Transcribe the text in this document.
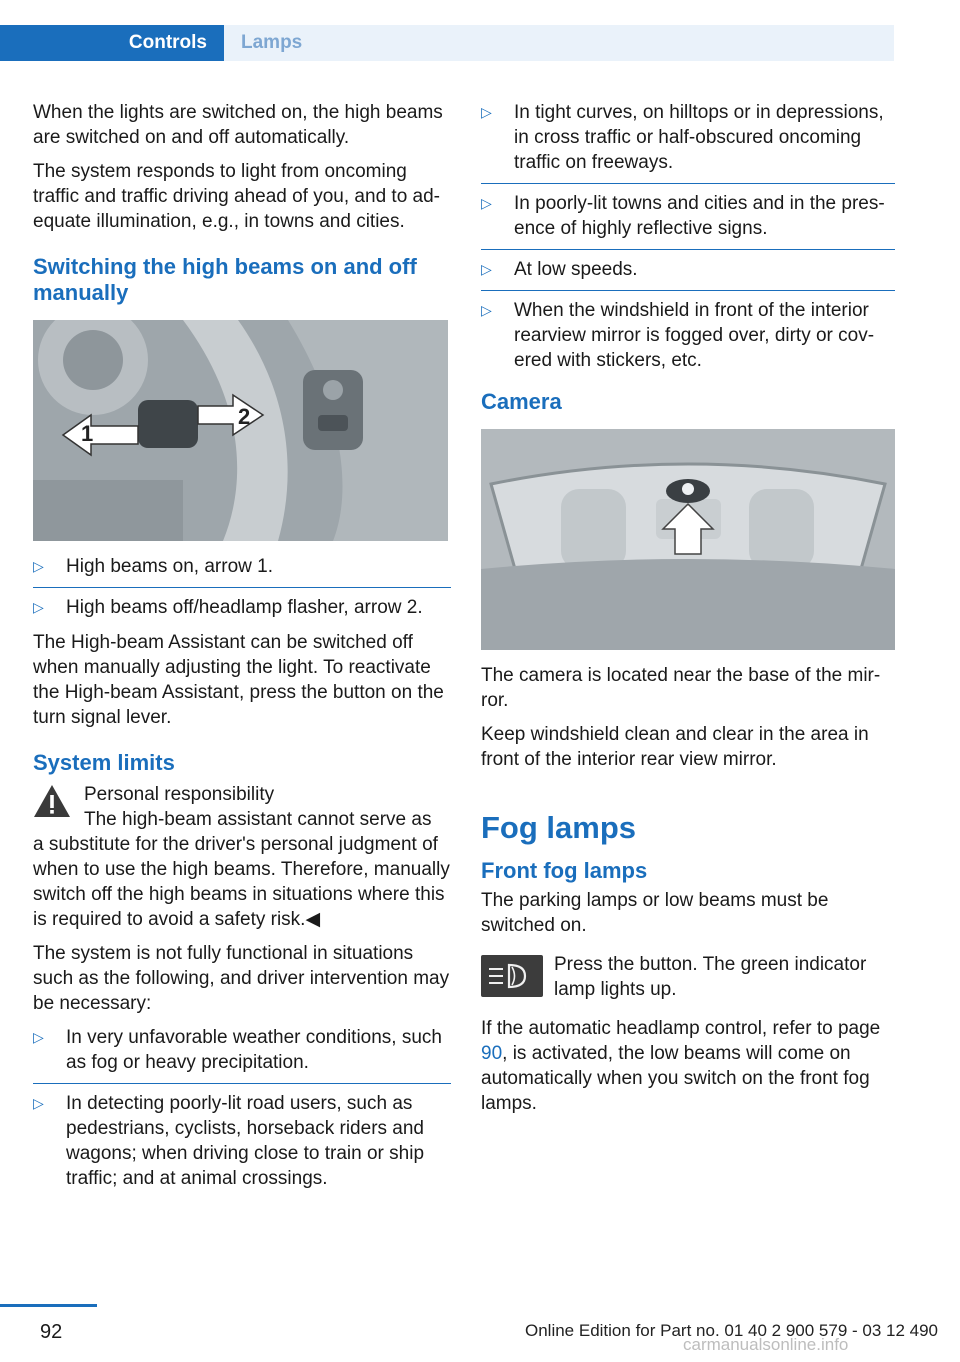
Controls	Lamps

When the lights are switched on, the high beams are switched on and off automatically.

The system responds to light from oncoming traffic and traffic driving ahead of you, and to adequate illumination, e.g., in towns and cities.

Switching the high beams on and off manually
1
2
▷ High beams on, arrow 1.
▷ High beams off/headlamp flasher, arrow 2.

The High-beam Assistant can be switched off when manually adjusting the light. To reactivate the High-beam Assistant, press the button on the turn signal lever.

System limits
Personal responsibility
The high-beam assistant cannot serve as

a substitute for the driver's personal judgment of when to use the high beams. Therefore, manually switch off the high beams in situations where this is required to avoid a safety risk.◀

The system is not fully functional in situations such as the following, and driver intervention may be necessary:

▷ In very unfavorable weather conditions, such as fog or heavy precipitation.
▷ In detecting poorly-lit road users, such as pedestrians, cyclists, horseback riders and wagons; when driving close to train or ship traffic; and at animal crossings.
▷ In tight curves, on hilltops or in depressions, in cross traffic or half-obscured oncoming traffic on freeways.
▷ In poorly-lit towns and cities and in the presence of highly reflective signs.
▷ At low speeds.
▷ When the windshield in front of the interior rearview mirror is fogged over, dirty or covered with stickers, etc.
Camera

The camera is located near the base of the mirror.

Keep windshield clean and clear in the area in front of the interior rear view mirror.

Fog lamps
Front fog lamps

The parking lamps or low beams must be switched on.

Press the button. The green indicator lamp lights up.

If the automatic headlamp control, refer to page 90, is activated, the low beams will come on automatically when you switch on the front fog lamps.

92	Online Edition for Part no. 01 40 2 900 579 - 03 12 490
carmanualsonline.info
